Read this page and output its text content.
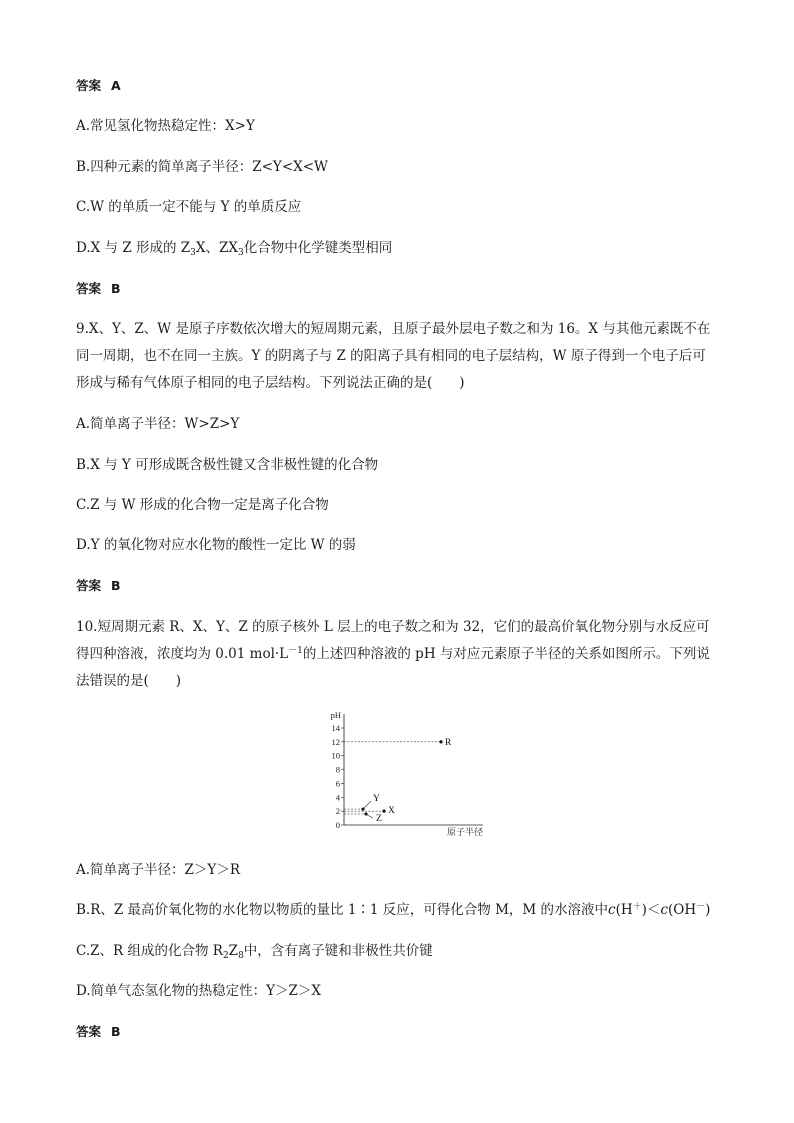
答案 A
A.常见氢化物热稳定性：X>Y
B.四种元素的简单离子半径：Z<Y<X<W
C.W 的单质一定不能与 Y 的单质反应
D.X 与 Z 形成的 $Z_3X$、$ZX_3$化合物中化学键类型相同
答案 B
9.X、Y、Z、W 是原子序数依次增大的短周期元素，且原子最外层电子数之和为 16。X 与其他元素既不在
同一周期，也不在同一主族。Y 的阴离子与 Z 的阳离子具有相同的电子层结构，W 原子得到一个电子后可
形成与稀有气体原子相同的电子层结构。下列说法正确的是(　　)
A.简单离子半径：W>Z>Y
B.X 与 Y 可形成既含极性键又含非极性键的化合物
C.Z 与 W 形成的化合物一定是离子化合物
D.Y 的氧化物对应水化物的酸性一定比 W 的弱
答案 B
10.短周期元素 R、X、Y、Z 的原子核外 L 层上的电子数之和为 32，它们的最高价氧化物分别与水反应可
得四种溶液，浓度均为 0.01 $mol\cdot L^{-1}$的上述四种溶液的 pH 与对应元素原子半径的关系如图所示。下列说
法错误的是(　　)
0
2
4
6
8
10
12
14
pH
原子半径
R
Y
X
Z
A.简单离子半径：Z＞Y＞R
B.R、Z 最高价氧化物的水化物以物质的量比 1∶1 反应，可得化合物 M，M 的水溶液中c(H＋)＜c(OH－)
C.Z、R 组成的化合物 $R_2Z_8$中，含有离子键和非极性共价键
D.简单气态氢化物的热稳定性：Y＞Z＞X
答案 B
